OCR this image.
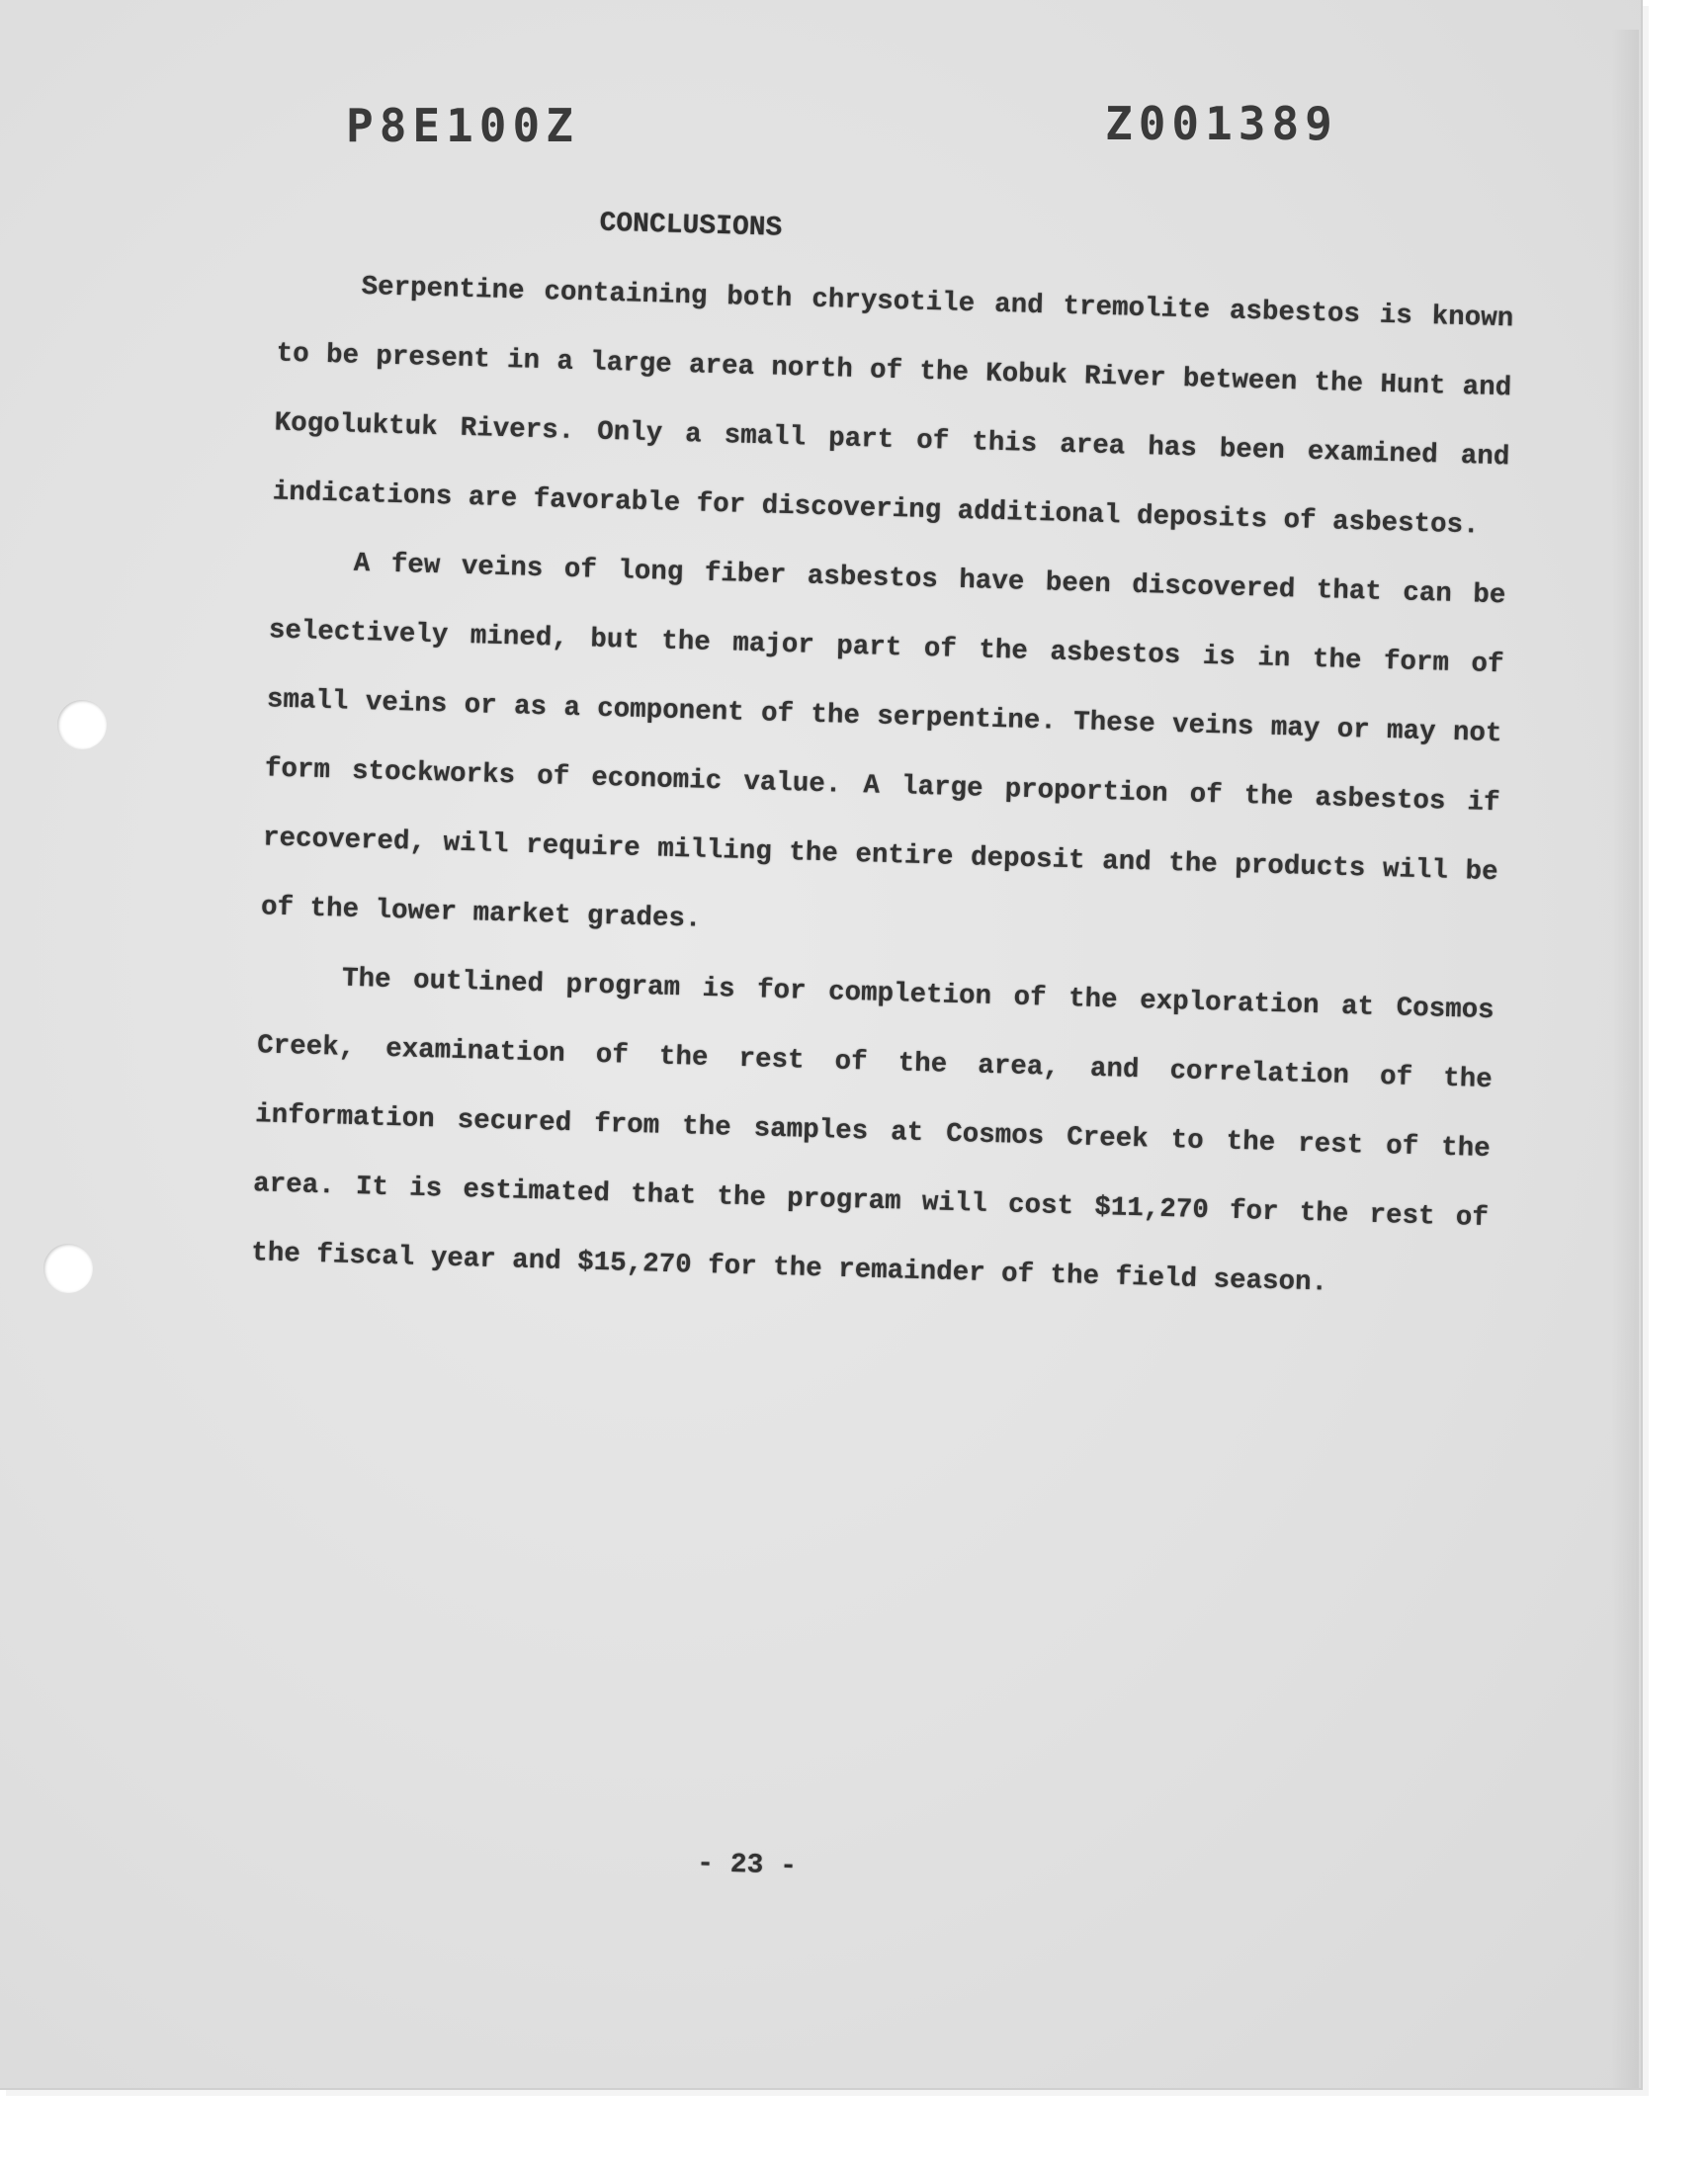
P8E100Z	Z001389
CONCLUSIONS

Serpentine containing both chrysotile and tremolite asbestos is known to be present in a large area north of the Kobuk River between the Hunt and Kogoluktuk Rivers. Only a small part of this area has been examined and indications are favorable for discovering additional deposits of asbestos.

A few veins of long fiber asbestos have been discovered that can be selectively mined, but the major part of the asbestos is in the form of small veins or as a component of the serpentine. These veins may or may not form stockworks of economic value. A large proportion of the asbestos if recovered, will require milling the entire deposit and the products will be of the lower market grades.

The outlined program is for completion of the exploration at Cosmos Creek, examination of the rest of the area, and correlation of the information secured from the samples at Cosmos Creek to the rest of the area. It is estimated that the program will cost $11,270 for the rest of the fiscal year and $15,270 for the remainder of the field season.

- 23 -
